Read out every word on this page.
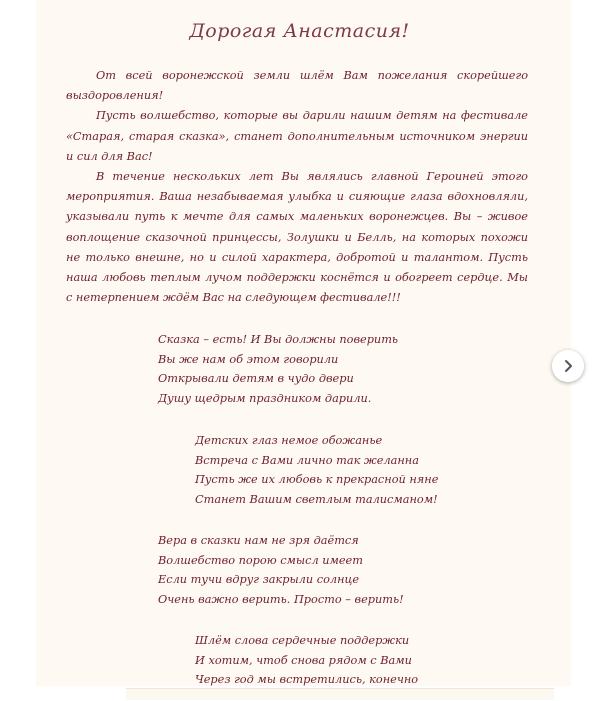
Дорогая Анастасия!

От всей воронежской земли шлём Вам пожелания скорейшего выздоровления!

Пусть волшебство, которые вы дарили нашим детям на фестивале «Старая, старая сказка», станет дополнительным источником энергии и сил для Вас!

В течение нескольких лет Вы являлись главной Героиней этого мероприятия. Ваша незабываемая улыбка и сияющие глаза вдохновляли, указывали путь к мечте для самых маленьких воронежцев. Вы – живое воплощение сказочной принцессы, Золушки и Белль, на которых похожи не только внешне, но и силой характера, добротой и талантом. Пусть наша любовь теплым лучом поддержки коснётся и обогреет сердце. Мы с нетерпением ждём Вас на следующем фестивале!!!

Сказка – есть! И Вы должны поверить
Вы же нам об этом говорили
Открывали детям в чудо двери
Душу щедрым праздником дарили.
Детских глаз немое обожанье
Встреча с Вами лично так желанна
Пусть же их любовь к прекрасной няне
Станет Вашим светлым талисманом!
Вера в сказки нам не зря даётся
Волшебство порою смысл имеет
Если тучи вдруг закрыли солнце
Очень важно верить. Просто – верить!
Шлём слова сердечные поддержки
И хотим, чтоб снова рядом с Вами
Через год мы встретились, конечно
